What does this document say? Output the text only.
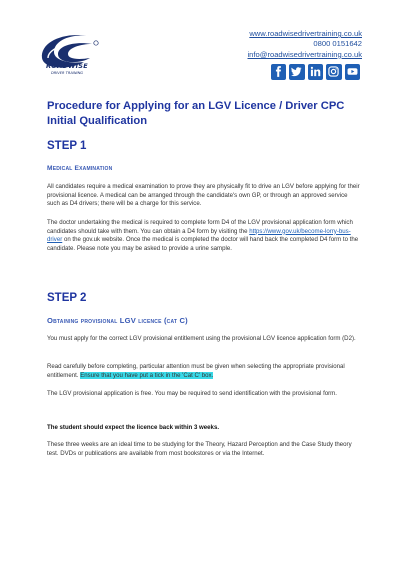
ROADWISE
DRIVER TRAINING
www.roadwisedrivertraining.co.uk
0800 0151642
info@roadwisedrivertraining.co.uk
Procedure for Applying for an LGV Licence / Driver CPC Initial Qualification
STEP 1
Medical Examination

All candidates require a medical examination to prove they are physically fit to drive an LGV before applying for their provisional licence. A medical can be arranged through the candidate's own GP, or through an approved service such as D4 drivers; there will be a charge for this service.

The doctor undertaking the medical is required to complete form D4 of the LGV provisional application form which candidates should take with them. You can obtain a D4 form by visiting the https://www.gov.uk/become-lorry-bus-driver on the gov.uk website. Once the medical is completed the doctor will hand back the completed D4 form to the candidate. Please note you may be asked to provide a urine sample.

STEP 2
Obtaining provisional LGV licence (cat C)

You must apply for the correct LGV provisional entitlement using the provisional LGV licence application form (D2).

Read carefully before completing, particular attention must be given when selecting the appropriate provisional entitlement. Ensure that you have put a tick in the 'Cat C' box.

The LGV provisional application is free. You may be required to send identification with the provisional form.

The student should expect the licence back within 3 weeks.

These three weeks are an ideal time to be studying for the Theory, Hazard Perception and the Case Study theory test. DVDs or publications are available from most bookstores or via the Internet.
